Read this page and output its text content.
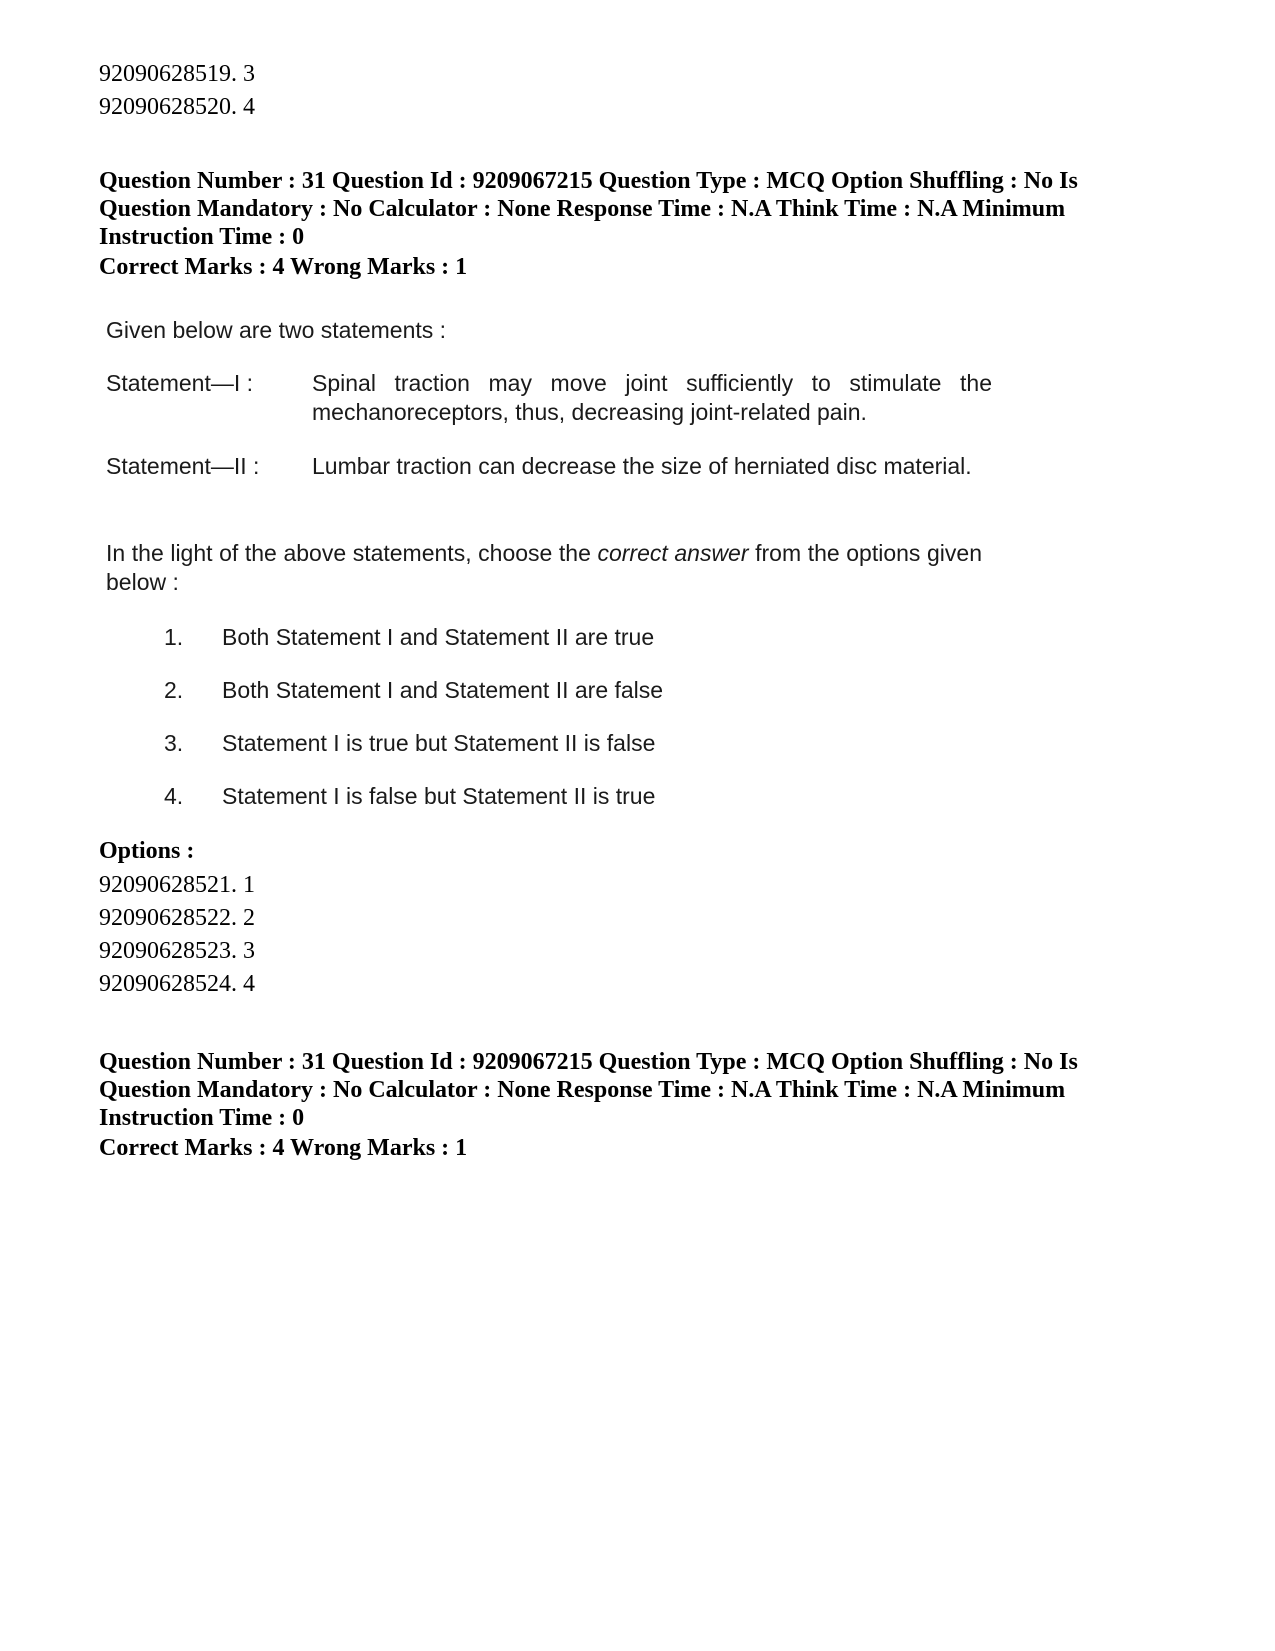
92090628519. 3
92090628520. 4
Question Number : 31 Question Id : 9209067215 Question Type : MCQ Option Shuffling : No Is
Question Mandatory : No Calculator : None Response Time : N.A Think Time : N.A Minimum
Instruction Time : 0
Correct Marks : 4 Wrong Marks : 1
Given below are two statements :
Statement—I :	Spinal traction may move joint sufficiently to stimulate the mechanoreceptors, thus, decreasing joint-related pain.
Statement—II : Lumbar traction can decrease the size of herniated disc material.
In the light of the above statements, choose the correct answer from the options given below :
1. Both Statement I and Statement II are true
2. Both Statement I and Statement II are false
3. Statement I is true but Statement II is false
4. Statement I is false but Statement II is true
Options :
92090628521. 1
92090628522. 2
92090628523. 3
92090628524. 4
Question Number : 31 Question Id : 9209067215 Question Type : MCQ Option Shuffling : No Is
Question Mandatory : No Calculator : None Response Time : N.A Think Time : N.A Minimum
Instruction Time : 0
Correct Marks : 4 Wrong Marks : 1
